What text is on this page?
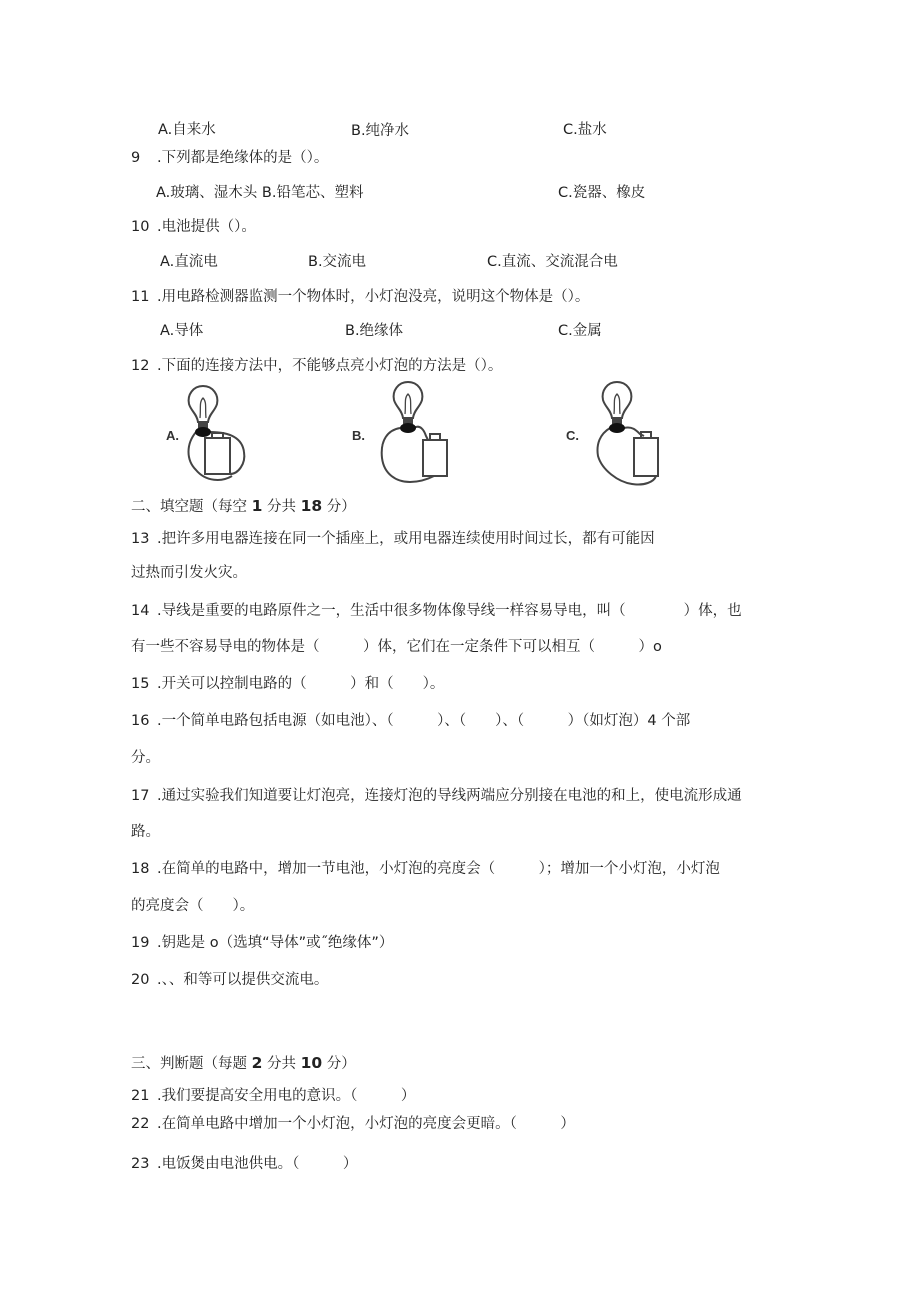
A.自来水	B.纯净水	C.盐水
9 .下列都是绝缘体的是（）。
A.玻璃、湿木头 B.铅笔芯、塑料	C.瓷器、橡皮
10 .电池提供（）。
A.直流电	B.交流电	C.直流、交流混合电
11 .用电路检测器监测一个物体时，小灯泡没亮，说明这个物体是（）。
A.导体	B.绝缘体	C.金属
12 .下面的连接方法中，不能够点亮小灯泡的方法是（）。
A.	B.	C.
二、填空题（每空 1 分共 18 分）
13 .把许多用电器连接在同一个插座上，或用电器连续使用时间过长，都有可能因
过热而引发火灾。
14 .导线是重要的电路原件之一，生活中很多物体像导线一样容易导电，叫（　　　　）体，也
有一些不容易导电的物体是（　　　）体，它们在一定条件下可以相互（　　　）o
15 .开关可以控制电路的（　　　）和（　　）。
16 .一个简单电路包括电源（如电池）、（　　　）、（　　）、（　　　）（如灯泡）4 个部
分。
17 .通过实验我们知道要让灯泡亮，连接灯泡的导线两端应分别接在电池的和上，使电流形成通
路。
18 .在简单的电路中，增加一节电池，小灯泡的亮度会（　　　）；增加一个小灯泡，小灯泡
的亮度会（　　）。
19 .钥匙是 o（选填“导体”或˝绝缘体”）
20 .、、和等可以提供交流电。
三、判断题（每题 2 分共 10 分）
21 .我们要提高安全用电的意识。（　　　）
22 .在简单电路中增加一个小灯泡，小灯泡的亮度会更暗。（　　　）
23 .电饭煲由电池供电。（　　　）
